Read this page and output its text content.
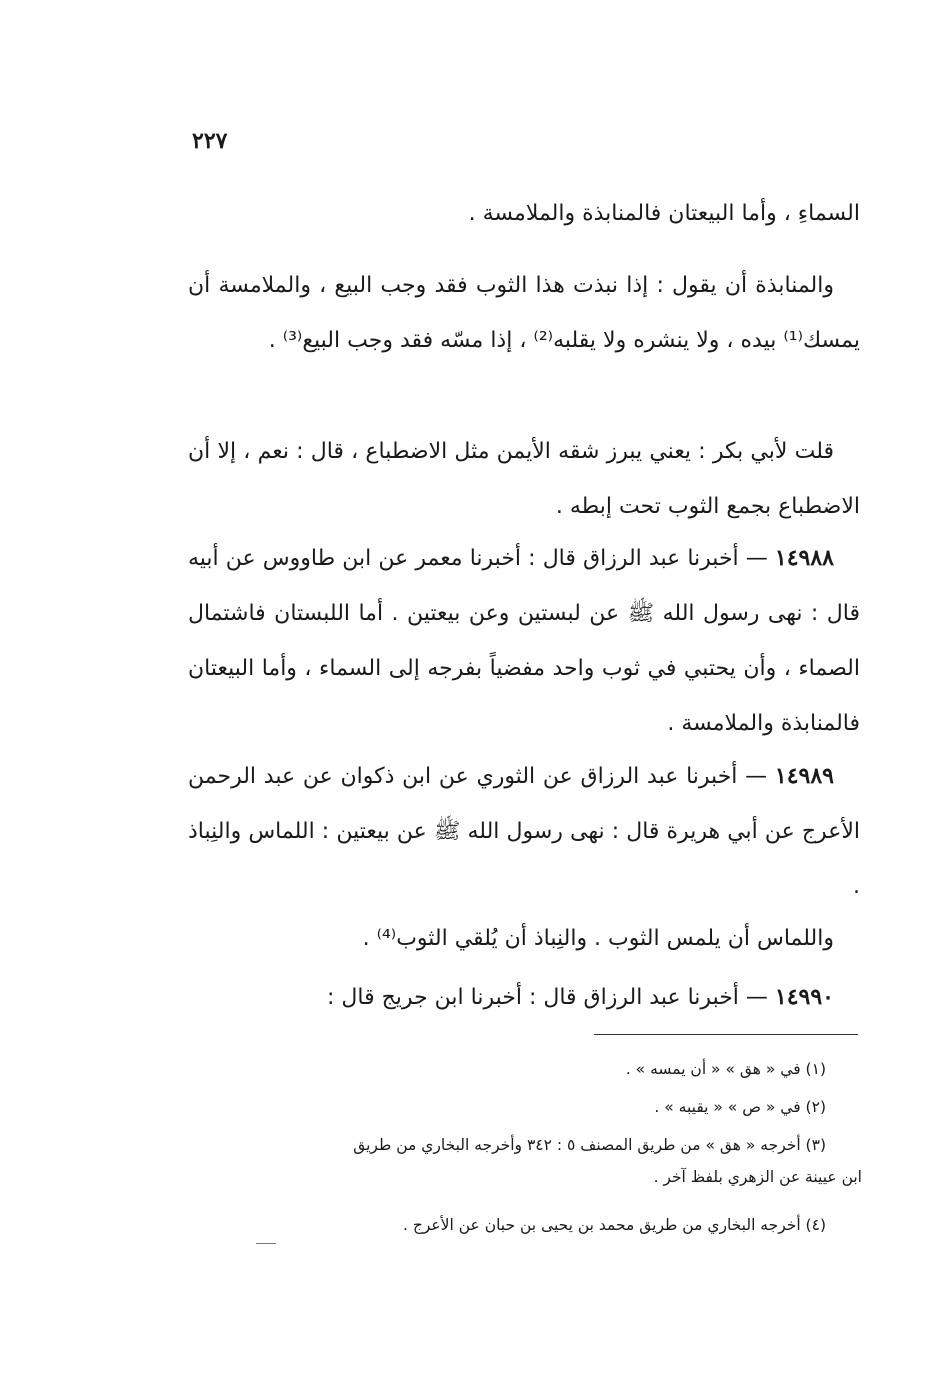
٢٢٧

السماءِ ، وأما البيعتان فالمنابذة والملامسة .

والمنابذة أن يقول : إذا نبذت هذا الثوب فقد وجب البيع ، والملامسة أن يمسك⁽¹⁾ بيده ، ولا ينشره ولا يقلبه⁽²⁾ ، إذا مسّه فقد وجب البيع⁽³⁾ .

قلت لأبي بكر : يعني يبرز شقه الأيمن مثل الاضطباع ، قال : نعم ، إلا أن الاضطباع بجمع الثوب تحت إبطه .

١٤٩٨٨ — أخبرنا عبد الرزاق قال : أخبرنا معمر عن ابن طاووس عن أبيه قال : نهى رسول الله ﷺ عن لبستين وعن بيعتين . أما اللبستان فاشتمال الصماء ، وأن يحتبي في ثوب واحد مفضياً بفرجه إلى السماء ، وأما البيعتان فالمنابذة والملامسة .

١٤٩٨٩ — أخبرنا عبد الرزاق عن الثوري عن ابن ذكوان عن عبد الرحمن الأعرج عن أبي هريرة قال : نهى رسول الله ﷺ عن بيعتين : اللماس والنِباذ .

واللماس أن يلمس الثوب . والنِباذ أن يُلقي الثوب⁽⁴⁾ .

١٤٩٩٠ — أخبرنا عبد الرزاق قال : أخبرنا ابن جريج قال :

(١) في « هق » « أن يمسه » .

(٢) في « ص » « يقيبه » .

(٣) أخرجه « هق » من طريق المصنف ٥ : ٣٤٢ وأخرجه البخاري من طريق

ابن عيينة عن الزهري بلفظ آخر .

(٤) أخرجه البخاري من طريق محمد بن يحيى بن حبان عن الأعرج .
